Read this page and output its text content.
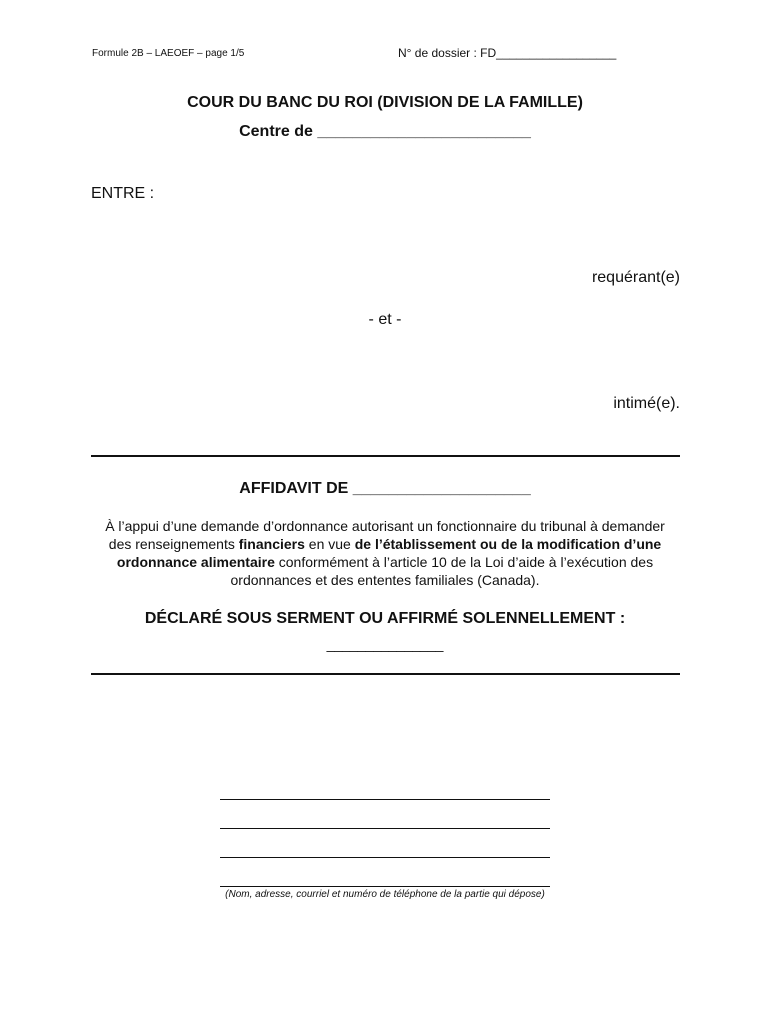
Formule 2B – LAEOEF – page 1/5	N° de dossier : FD__________________
COUR DU BANC DU ROI (DIVISION DE LA FAMILLE)
Centre de ________________________
ENTRE :
requérant(e)
- et -
intimé(e).
AFFIDAVIT DE ____________________
À l’appui d’une demande d’ordonnance autorisant un fonctionnaire du tribunal à demander des renseignements financiers en vue de l’établissement ou de la modification d’une ordonnance alimentaire conformément à l’article 10 de la Loi d’aide à l’exécution des ordonnances et des ententes familiales (Canada).
DÉCLARÉ SOUS SERMENT OU AFFIRMÉ SOLENNELLEMENT :
_______________
(Nom, adresse, courriel et numéro de téléphone de la partie qui dépose)
